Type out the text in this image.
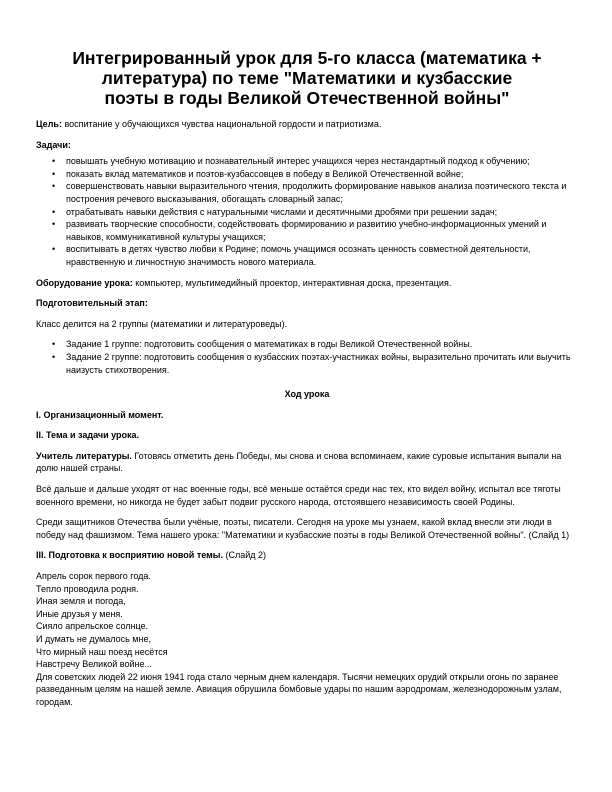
Интегрированный урок для 5-го класса (математика +
литература) по теме "Математики и кузбасские
поэты в годы Великой Отечественной войны"

Цель: воспитание у обучающихся чувства национальной гордости и патриотизма.

Задачи:

• повышать учебную мотивацию и познавательный интерес учащихся через нестандартный подход к обучению;
• показать вклад математиков и поэтов-кузбассовцев в победу в Великой Отечественной войне;
• совершенствовать навыки выразительного чтения, продолжить формирование навыков анализа поэтического текста и построения речевого высказывания, обогащать словарный запас;
• отрабатывать навыки действия с натуральными числами и десятичными дробями при решении задач;
• развивать творческие способности, содействовать формированию и развитию учебно-информационных умений и навыков, коммуникативной культуры учащихся;
• воспитывать в детях чувство любви к Родине; помочь учащимся осознать ценность совместной деятельности, нравственную и личностную значимость нового материала.

Оборудование урока: компьютер, мультимедийный проектор, интерактивная доска, презентация.

Подготовительный этап:

Класс делится на 2 группы (математики и литературоведы).

• Задание 1 группе: подготовить сообщения о математиках в годы Великой Отечественной войны.
• Задание 2 группе: подготовить сообщения о кузбасских поэтах-участниках войны, выразительно прочитать или выучить наизусть стихотворения.

Ход урока

I. Организационный момент.

II. Тема и задачи урока.

Учитель литературы. Готовясь отметить день Победы, мы снова и снова вспоминаем, какие суровые испытания выпали на долю нашей страны.

Всё дальше и дальше уходят от нас военные годы, всё меньше остаётся среди нас тех, кто видел войну, испытал все тяготы военного времени, но никогда не будет забыт подвиг русского народа, отстоявшего независимость своей Родины.

Среди защитников Отечества были учёные, поэты, писатели. Сегодня на уроке мы узнаем, какой вклад внесли эти люди в победу над фашизмом. Тема нашего урока: "Математики и кузбасские поэты в годы Великой Отечественной войны". (Слайд 1)

III. Подготовка к восприятию новой темы. (Слайд 2)

Апрель сорок первого года.

Тепло проводила родня.

Иная земля и погода,

Иные друзья у меня.

Сияло апрельское солнце.

И думать не думалось мне,

Что мирный наш поезд несётся

Навстречу Великой войне...

Для советских людей 22 июня 1941 года стало черным днем календаря. Тысячи немецких орудий открыли огонь по заранее разведанным целям на нашей земле. Авиация обрушила бомбовые удары по нашим аэродромам, железнодорожным узлам, городам.
